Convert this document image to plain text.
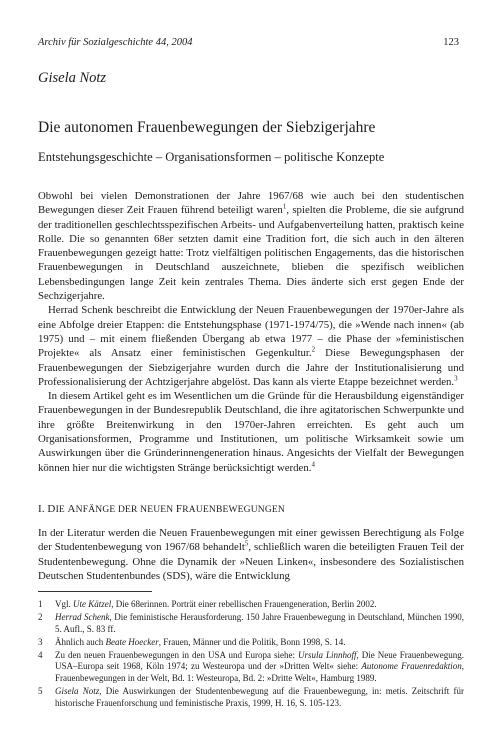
Archiv für Sozialgeschichte 44, 2004	123
Gisela Notz
Die autonomen Frauenbewegungen der Siebzigerjahre
Entstehungsgeschichte – Organisationsformen – politische Konzepte

Obwohl bei vielen Demonstrationen der Jahre 1967/68 wie auch bei den studentischen Bewegungen dieser Zeit Frauen führend beteiligt waren$^1$, spielten die Probleme, die sie aufgrund der traditionellen geschlechtsspezifischen Arbeits- und Aufgabenverteilung hatten, praktisch keine Rolle. Die so genannten 68er setzten damit eine Tradition fort, die sich auch in den älteren Frauenbewegungen gezeigt hatte: Trotz vielfältigen politischen Engagements, das die historischen Frauenbewegungen in Deutschland auszeichnete, blieben die spezifisch weiblichen Lebensbedingungen lange Zeit kein zentrales Thema. Dies änderte sich erst gegen Ende der Sechzigerjahre.

Herrad Schenk beschreibt die Entwicklung der Neuen Frauenbewegungen der 1970er-Jahre als eine Abfolge dreier Etappen: die Entstehungsphase (1971-1974/75), die »Wende nach innen« (ab 1975) und – mit einem fließenden Übergang ab etwa 1977 – die Phase der »feministischen Projekte« als Ansatz einer feministischen Gegenkultur.$^2$ Diese Bewegungsphasen der Frauenbewegungen der Siebzigerjahre wurden durch die Jahre der Institutionalisierung und Professionalisierung der Achtzigerjahre abgelöst. Das kann als vierte Etappe bezeichnet werden.$^3$

In diesem Artikel geht es im Wesentlichen um die Gründe für die Herausbildung eigenständiger Frauenbewegungen in der Bundesrepublik Deutschland, die ihre agitatorischen Schwerpunkte und ihre größte Breitenwirkung in den 1970er-Jahren erreichten. Es geht auch um Organisationsformen, Programme und Institutionen, um politische Wirksamkeit sowie um Auswirkungen über die Gründerinnengeneration hinaus. Angesichts der Vielfalt der Bewegungen können hier nur die wichtigsten Stränge berücksichtigt werden.$^4$

I. DIE ANFÄNGE DER NEUEN FRAUENBEWEGUNGEN

In der Literatur werden die Neuen Frauenbewegungen mit einer gewissen Berechtigung als Folge der Studentenbewegung von 1967/68 behandelt$^5$, schließlich waren die beteiligten Frauen Teil der Studentenbewegung. Ohne die Dynamik der »Neuen Linken«, insbesondere des Sozialistischen Deutschen Studentenbundes (SDS), wäre die Entwicklung

1 Vgl. Ute Kätzel, Die 68erinnen. Porträt einer rebellischen Frauengeneration, Berlin 2002.
2 Herrad Schenk, Die feministische Herausforderung. 150 Jahre Frauenbewegung in Deutschland, München 1990, 5. Aufl., S. 83 ff.
3 Ähnlich auch Beate Hoecker, Frauen, Männer und die Politik, Bonn 1998, S. 14.
4 Zu den neuen Frauenbewegungen in den USA und Europa siehe: Ursula Linnhoff, Die Neue Frauenbewegung. USA–Europa seit 1968, Köln 1974; zu Westeuropa und der »Dritten Welt« siehe: Autonome Frauenredaktion, Frauenbewegungen in der Welt, Bd. 1: Westeuropa, Bd. 2: »Dritte Welt«, Hamburg 1989.
5 Gisela Notz, Die Auswirkungen der Studentenbewegung auf die Frauenbewegung, in: metis. Zeitschrift für historische Frauenforschung und feministische Praxis, 1999, H. 16, S. 105-123.
